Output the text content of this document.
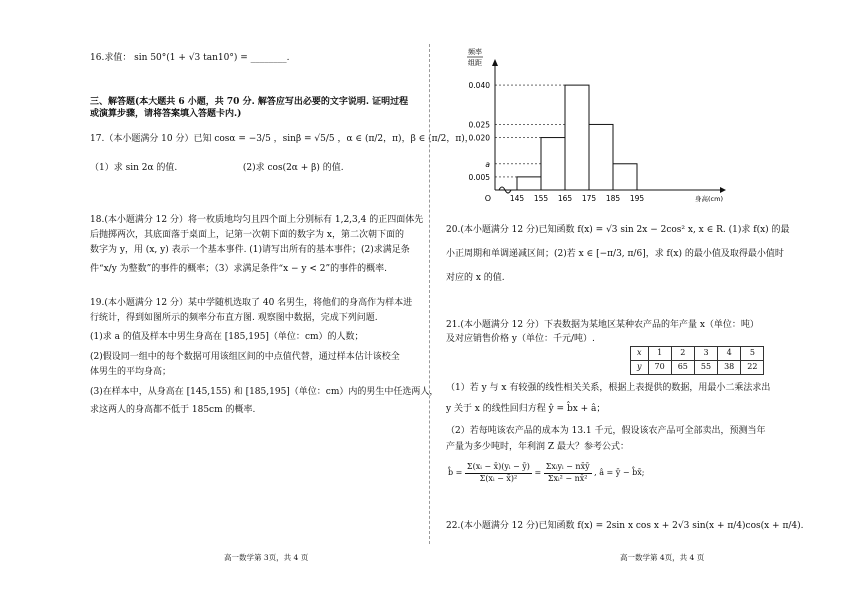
16.求值： sin 50°(1 + √3 tan10°) = ________.

三、解答题(本大题共 6 小题，共 70 分. 解答应写出必要的文字说明. 证明过程

或演算步骤，请将答案填入答题卡内.)

17.（本小题满分 10 分）已知 cosα = −3/5 ，sinβ = √5/5 ，α ∈ (π/2，π)，β ∈ (π/2，π)，

（1）求 sin 2α 的值.

	(2)求 cos(2α + β) 的值.

18.(本小题满分 12 分）将一枚质地均匀且四个面上分别标有 1,2,3,4 的正四面体先

后抛掷两次，其底面落于桌面上，记第一次朝下面的数字为 x，第二次朝下面的

数字为 y，用 (x, y) 表示一个基本事件. (1)请写出所有的基本事件；(2)求满足条

件“x/y 为整数”的事件的概率；（3）求满足条件“x − y < 2”的事件的概率.

19.(本小题满分 12 分）某中学随机选取了 40 名男生，将他们的身高作为样本进

行统计，得到如图所示的频率分布直方图. 观察图中数据，完成下列问题.

(1)求 a 的值及样本中男生身高在 [185,195]（单位：cm）的人数；

(2)假设同一组中的每个数据可用该组区间的中点值代替，通过样本估计该校全

体男生的平均身高；

(3)在样本中，从身高在 [145,155) 和 [185,195]（单位：cm）内的男生中任选两人，

求这两人的身高都不低于 185cm 的概率.

高一数学第 3页，共 4 页
频率
组距
O
0.040
0.025
0.020
a
0.005
145 155 165 175 185 195	身高(cm)

20.(本小题满分 12 分)已知函数 f(x) = √3 sin 2x − 2cos² x, x ∈ R. (1)求 f(x) 的最

小正周期和单调递减区间；(2)若 x ∈ [−π/3, π/6]，求 f(x) 的最小值及取得最小值时

对应的 x 的值.

21.(本小题满分 12 分）下表数据为某地区某种农产品的年产量 x（单位：吨）

及对应销售价格 y（单位：千元/吨）.

x	1	2	3	4	5
y	70	65	55	38	22

（1）若 y 与 x 有较强的线性相关关系，根据上表提供的数据，用最小二乘法求出

y 关于 x 的线性回归方程 ŷ = b̂x + â；

（2）若每吨该农产品的成本为 13.1 千元，假设该农产品可全部卖出，预测当年

产量为多少吨时，年利润 Z 最大？参考公式：

b̂ = $\frac{\text{Σ(xᵢ − x̄)(yᵢ − ȳ)}}{\text{Σ(xᵢ − x̄)²}} = \frac{\text{Σxᵢyᵢ − nx̄ȳ}}{\text{Σxᵢ² − nx̄²}}$ , â = ȳ − b̂x̄;

22.(本小题满分 12 分)已知函数 f(x) = 2sin x cos x + 2√3 sin(x + π/4)cos(x + π/4).

高一数学第 4页，共 4 页
